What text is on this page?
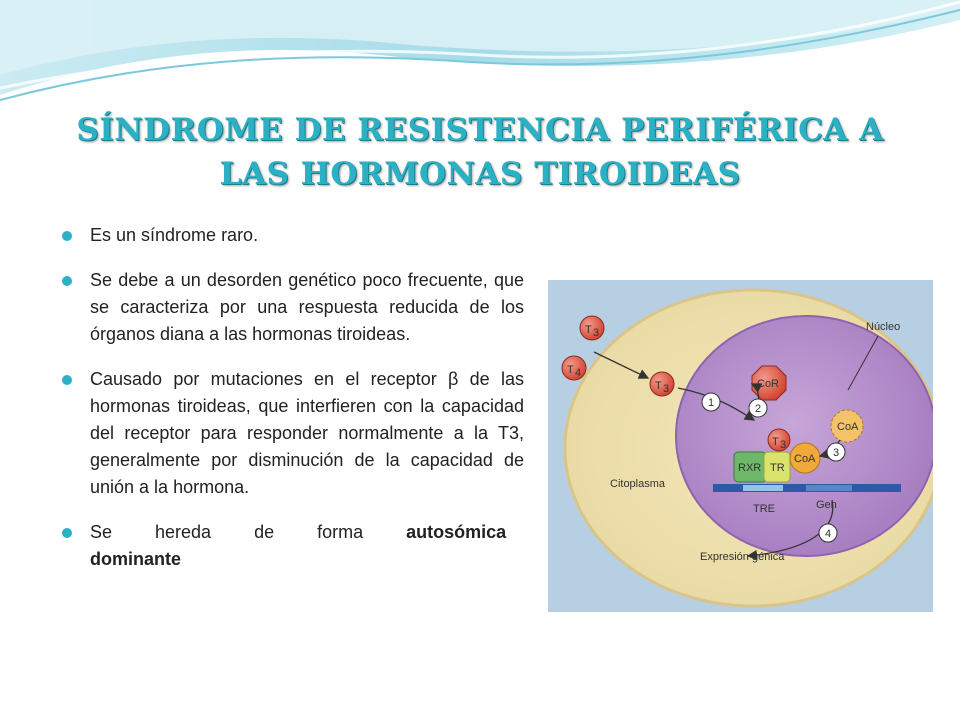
SÍNDROME DE RESISTENCIA PERIFÉRICA A
LAS HORMONAS TIROIDEAS
Es un síndrome raro.
Se debe a un desorden genético poco frecuente, que se caracteriza por una respuesta reducida de los órganos diana a las hormonas tiroideas.
Causado por mutaciones en el receptor β de las hormonas tiroideas, que interfieren con la capacidad del receptor para responder normalmente a la T3, generalmente por disminución de la capacidad de unión a la hormona.
Se hereda de forma autosómica dominante
RXR TR
CoA
CoA
CoR
T 3
T 4
T 3
T 3
1	2
3
4
Núcleo
Citoplasma
TRE	Gen
Expresión génica
